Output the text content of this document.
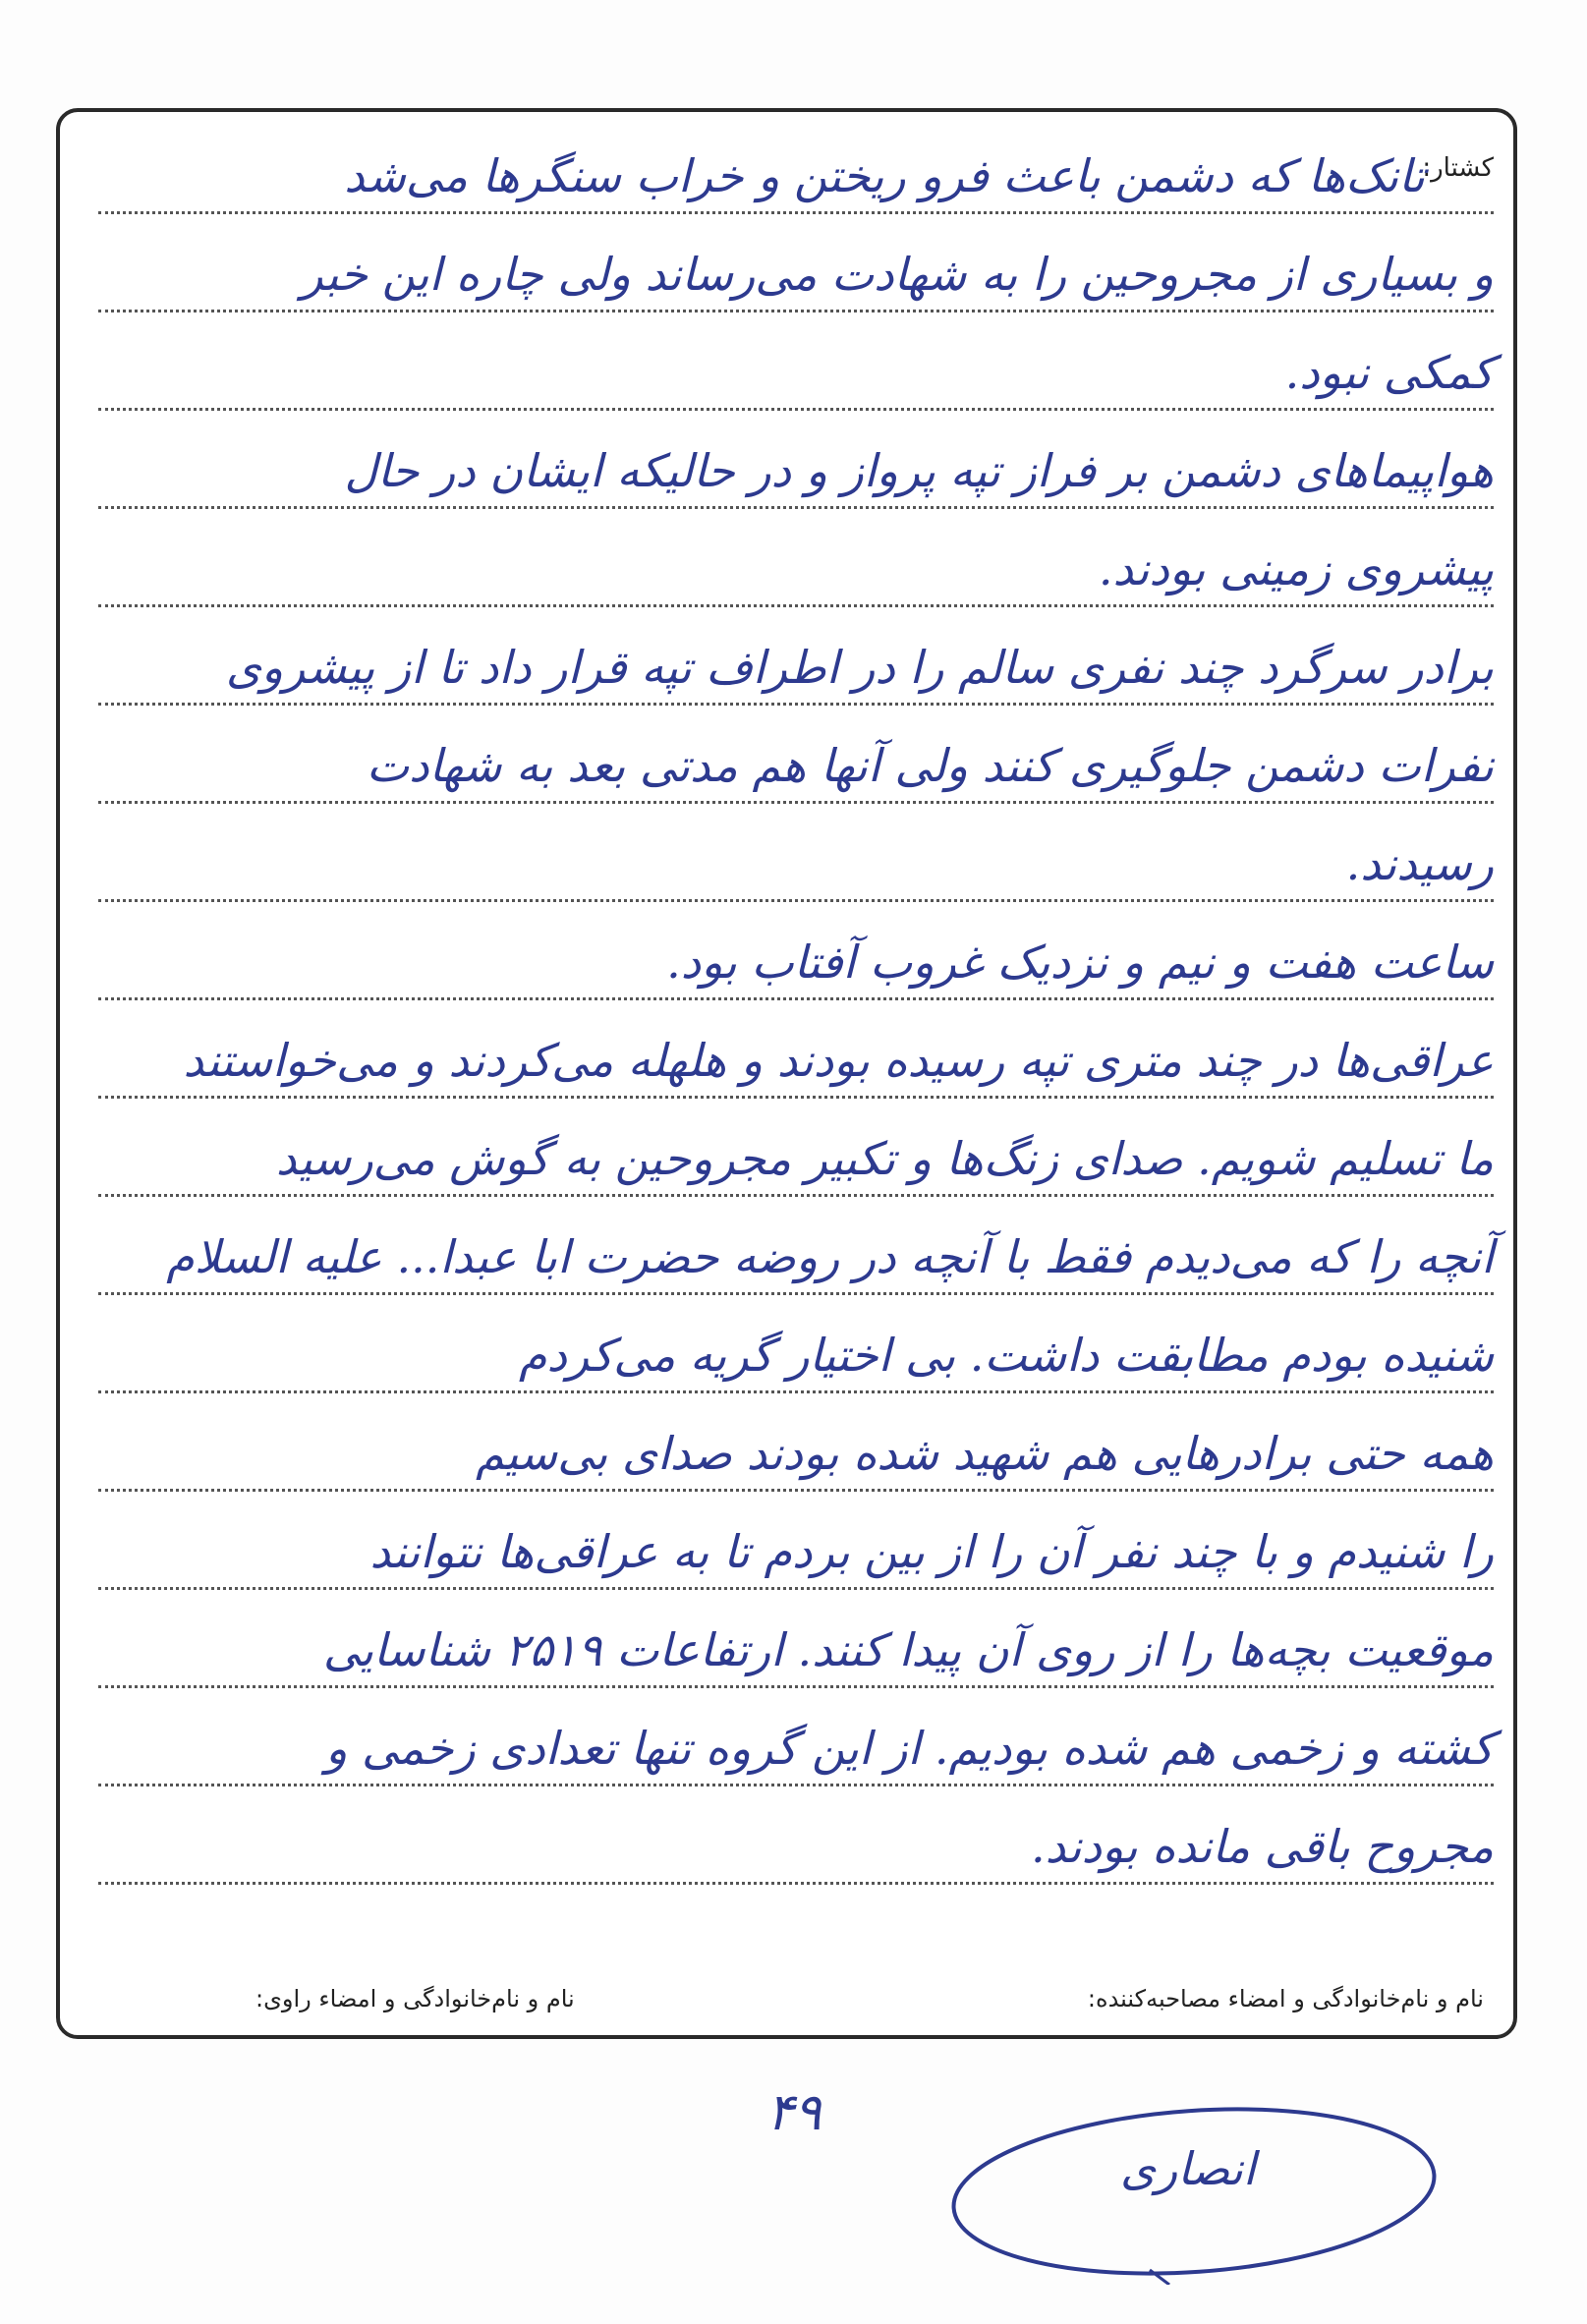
کشتار:
تانک‌ها که دشمن باعث فرو ریختن و خراب سنگرها می‌شد
و بسیاری از مجروحین را به شهادت می‌رساند ولی چاره این خبر
کمکی نبود.
هواپیماهای دشمن بر فراز تپه پرواز و در حالیکه ایشان در حال
پیشروی زمینی بودند.
برادر سرگرد چند نفری سالم را در اطراف تپه قرار داد تا از پیشروی
نفرات دشمن جلوگیری کنند ولی آنها هم مدتی بعد به شهادت
رسیدند.
ساعت هفت و نیم و نزدیک غروب آفتاب بود.
عراقی‌ها در چند متری تپه رسیده بودند و هلهله می‌کردند و می‌خواستند
ما تسلیم شویم. صدای زنگ‌ها و تکبیر مجروحین به گوش می‌رسید
آنچه را که می‌دیدم فقط با آنچه در روضه حضرت ابا عبدا... علیه السلام
شنیده بودم مطابقت داشت. بی اختیار گریه می‌کردم
همه حتی برادرهایی هم شهید شده بودند صدای بی‌سیم
را شنیدم و با چند نفر آن را از بین بردم تا به عراقی‌ها نتوانند
موقعیت بچه‌ها را از روی آن پیدا کنند. ارتفاعات ۲۵۱۹ شناسایی
کشته و زخمی هم شده بودیم. از این گروه تنها تعدادی زخمی و
مجروح باقی مانده بودند.
نام و نام‌خانوادگی و امضاء مصاحبه‌کننده:
نام و نام‌خانوادگی و امضاء راوی:
۴۹
انصاری
